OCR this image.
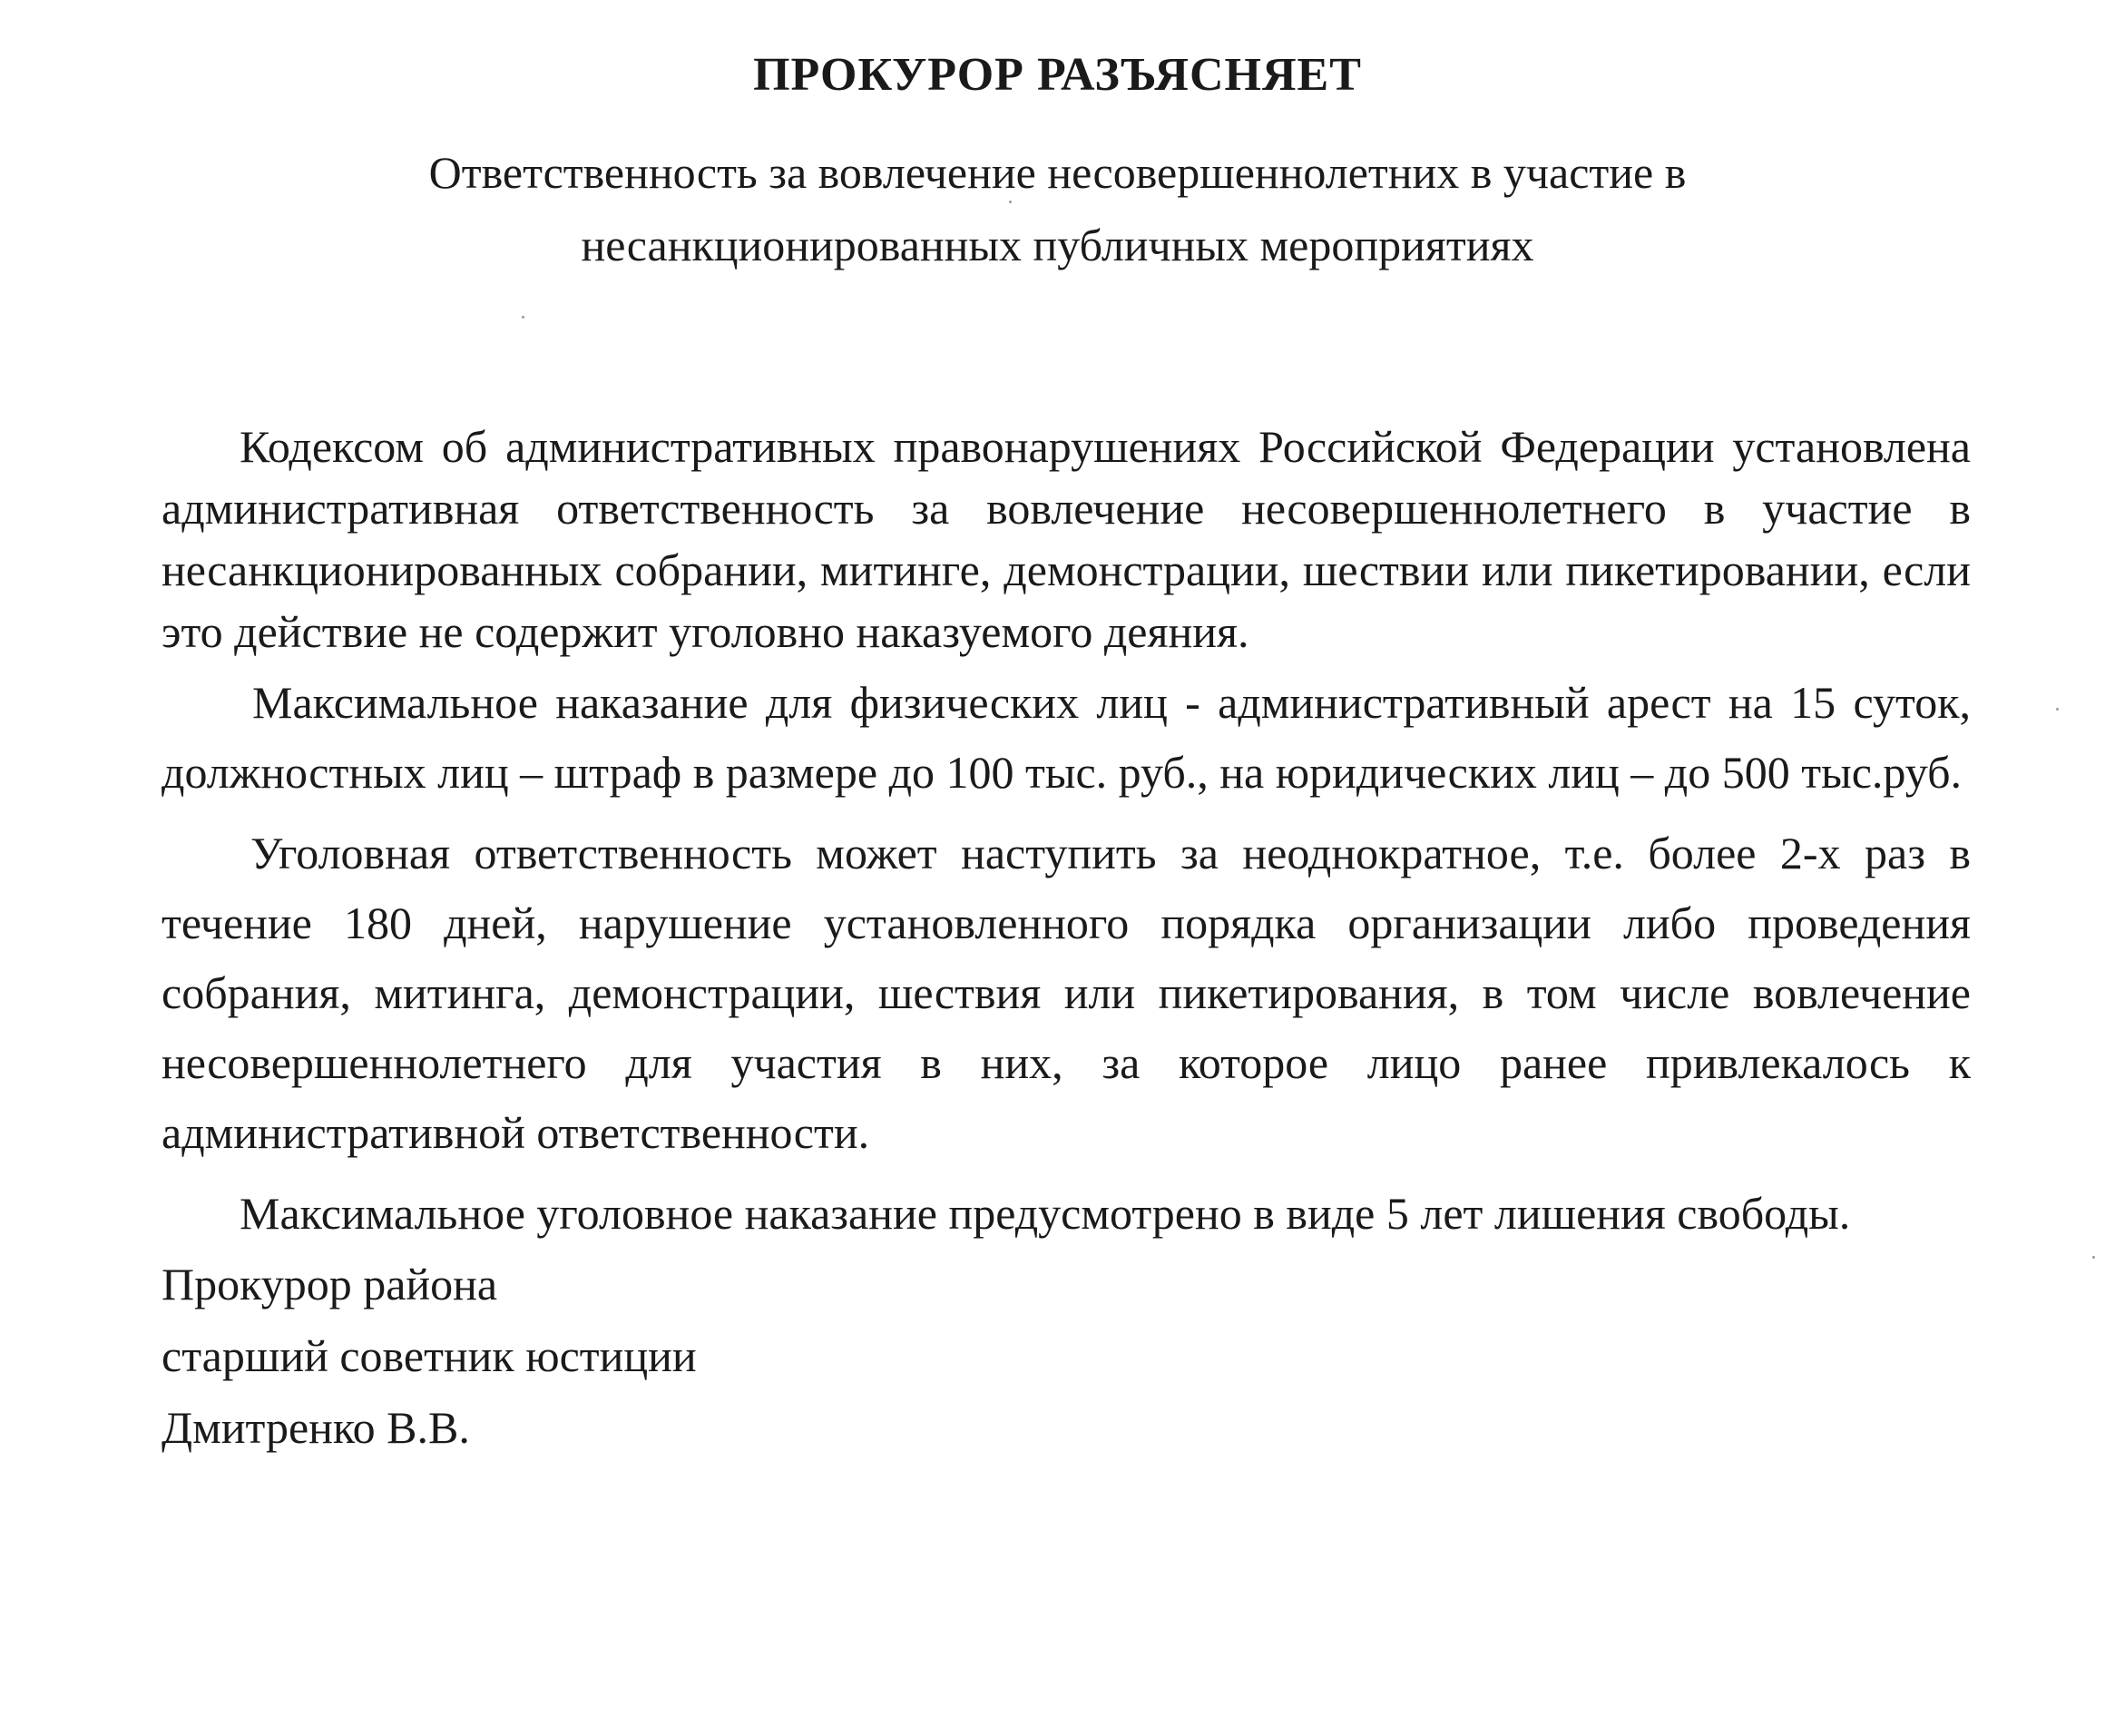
ПРОКУРОР РАЗЪЯСНЯЕТ
Ответственность за вовлечение несовершеннолетних в участие в
несанкционированных публичных мероприятиях

Кодексом об административных правонарушениях Российской Федерации установлена административная ответственность за вовлечение несовершеннолетнего в участие в несанкционированных собрании, митинге, демонстрации, шествии или пикетировании, если это действие не содержит уголовно наказуемого деяния.

Максимальное наказание для физических лиц - административный арест на 15 суток, должностных лиц – штраф в размере до 100 тыс. руб., на юридических лиц – до 500 тыс.руб.

Уголовная ответственность может наступить за неоднократное, т.е. более 2-х раз в течение 180 дней, нарушение установленного порядка организации либо проведения собрания, митинга, демонстрации, шествия или пикетирования, в том числе вовлечение несовершеннолетнего для участия в них, за которое лицо ранее привлекалось к административной ответственности.

Максимальное уголовное наказание предусмотрено в виде 5 лет лишения свободы.

Прокурор района

старший советник юстиции

Дмитренко В.В.
